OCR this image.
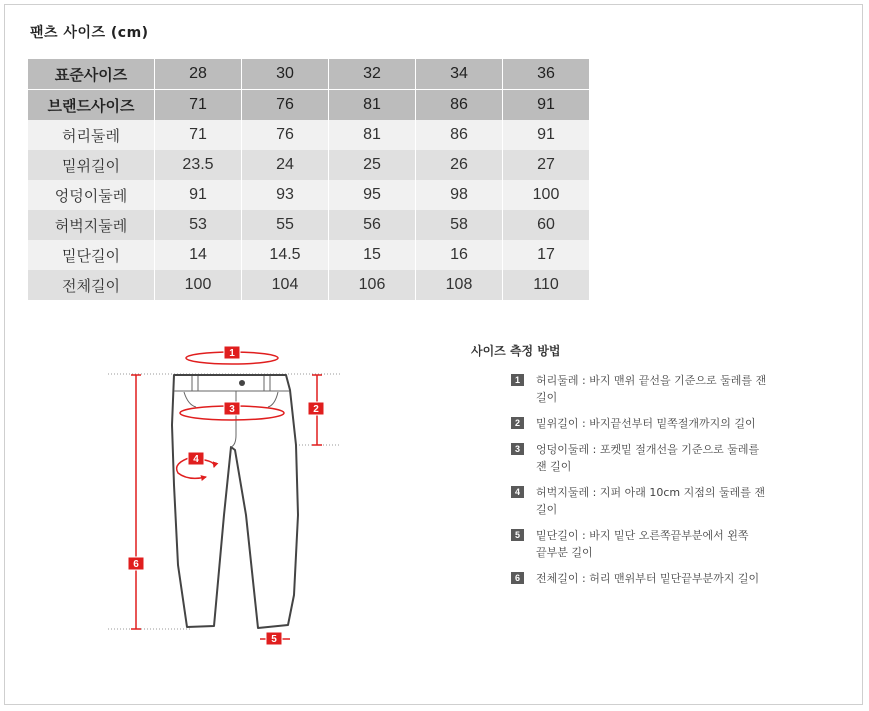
팬츠 사이즈 (cm)
표준사이즈	28	30	32	34	36
브랜드사이즈	71	76	81	86	91
허리둘레	71	76	81	86	91
밑위길이	23.5	24	25	26	27
엉덩이둘레	91	93	95	98	100
허벅지둘레	53	55	56	58	60
밑단길이	14	14.5	15	16	17
전체길이	100	104	106	108	110
1
2
3
4
5
6
사이즈 측정 방법
1	허리둘레 : 바지 맨위 끝선을 기준으로 둘레를 잰 길이
2	밑위길이 : 바지끝선부터 밑쪽절개까지의 길이
3	엉덩이둘레 : 포켓밑 절개선을 기준으로 둘레를 잰 길이
4	허벅지둘레 : 지퍼 아래 10cm 지점의 둘레를 잰 길이
5	밑단길이 : 바지 밑단 오른쪽끝부분에서 왼쪽 끝부분 길이
6	전체길이 : 허리 맨위부터 밑단끝부분까지 길이
